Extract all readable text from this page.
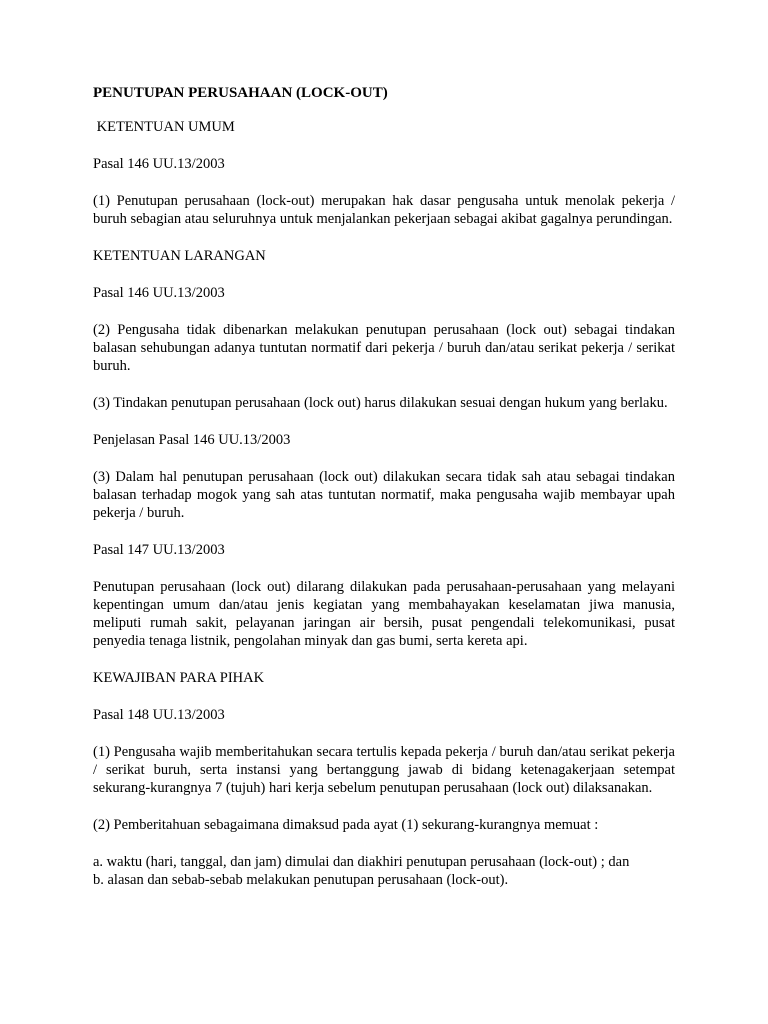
PENUTUPAN PERUSAHAAN (LOCK-OUT)
KETENTUAN UMUM
Pasal 146 UU.13/2003
(1) Penutupan perusahaan (lock-out) merupakan hak dasar pengusaha untuk menolak pekerja / buruh sebagian atau seluruhnya untuk menjalankan pekerjaan sebagai akibat gagalnya perundingan.
KETENTUAN LARANGAN
Pasal 146 UU.13/2003
(2) Pengusaha tidak dibenarkan melakukan penutupan perusahaan (lock out) sebagai tindakan balasan sehubungan adanya tuntutan normatif dari pekerja / buruh dan/atau serikat pekerja / serikat buruh.
(3) Tindakan penutupan perusahaan (lock out) harus dilakukan sesuai dengan hukum yang berlaku.
Penjelasan Pasal 146 UU.13/2003
(3) Dalam hal penutupan perusahaan (lock out) dilakukan secara tidak sah atau sebagai tindakan balasan terhadap mogok yang sah atas tuntutan normatif, maka pengusaha wajib membayar upah pekerja / buruh.
Pasal 147 UU.13/2003
Penutupan perusahaan (lock out) dilarang dilakukan pada perusahaan-perusahaan yang melayani kepentingan umum dan/atau jenis kegiatan yang membahayakan keselamatan jiwa manusia, meliputi rumah sakit, pelayanan jaringan air bersih, pusat pengendali telekomunikasi, pusat penyedia tenaga listnik, pengolahan minyak dan gas bumi, serta kereta api.
KEWAJIBAN PARA PIHAK
Pasal 148 UU.13/2003
(1) Pengusaha wajib memberitahukan secara tertulis kepada pekerja / buruh dan/atau serikat pekerja / serikat buruh, serta instansi yang bertanggung jawab di bidang ketenagakerjaan setempat sekurang-kurangnya 7 (tujuh) hari kerja sebelum penutupan perusahaan (lock out) dilaksanakan.
(2) Pemberitahuan sebagaimana dimaksud pada ayat (1) sekurang-kurangnya memuat :
a. waktu (hari, tanggal, dan jam) dimulai dan diakhiri penutupan perusahaan (lock-out) ; dan
b. alasan dan sebab-sebab melakukan penutupan perusahaan (lock-out).
